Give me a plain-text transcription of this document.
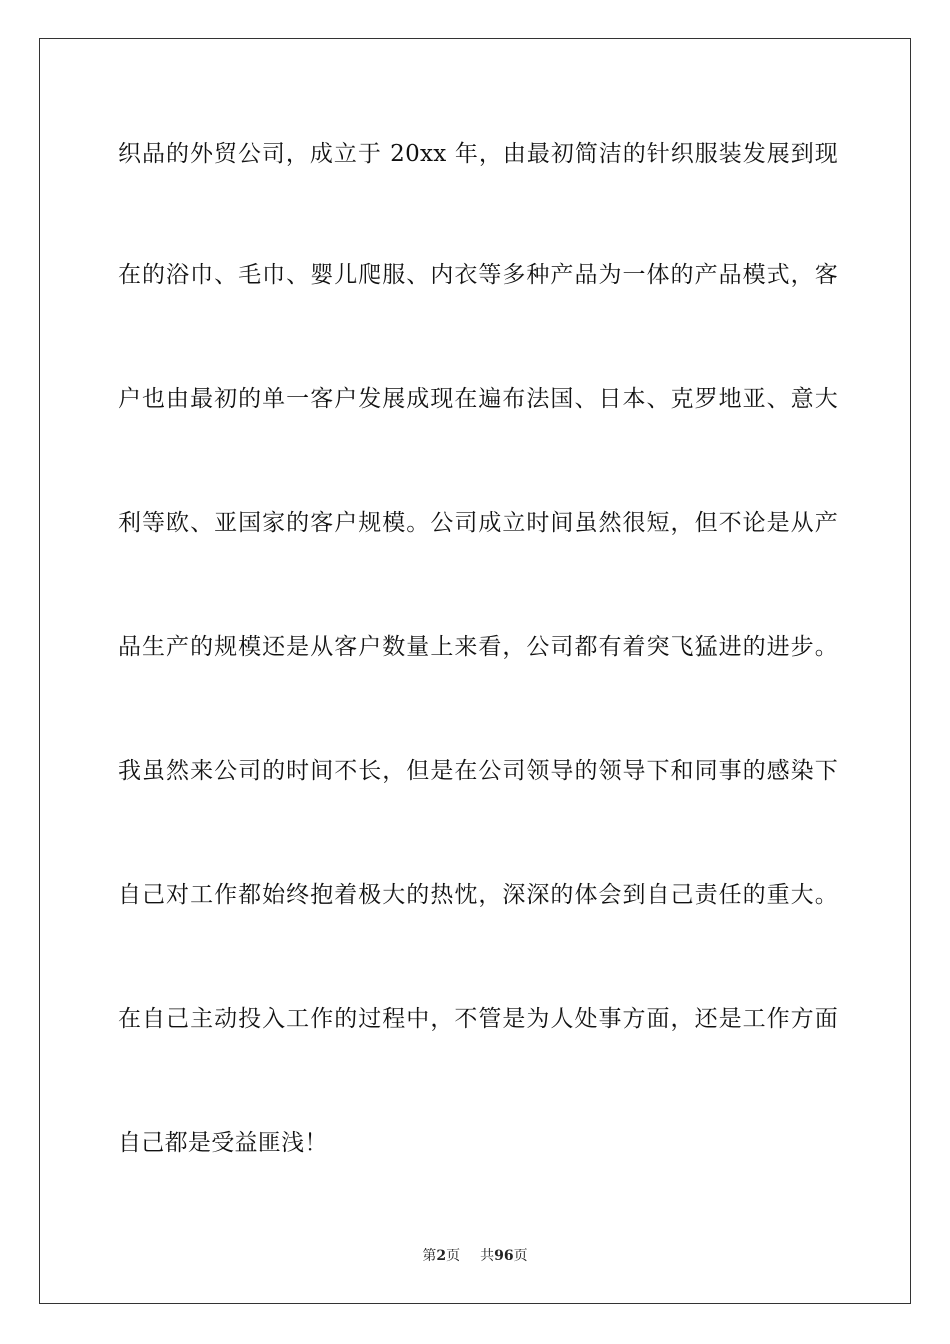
织品的外贸公司，成立于 20xx 年，由最初简洁的针织服装发展到现
在的浴巾、毛巾、婴儿爬服、内衣等多种产品为一体的产品模式，客
户也由最初的单一客户发展成现在遍布法国、日本、克罗地亚、意大
利等欧、亚国家的客户规模。公司成立时间虽然很短，但不论是从产
品生产的规模还是从客户数量上来看，公司都有着突飞猛进的进步。
我虽然来公司的时间不长，但是在公司领导的领导下和同事的感染下
自己对工作都始终抱着极大的热忱，深深的体会到自己责任的重大。
在自己主动投入工作的过程中，不管是为人处事方面，还是工作方面
自己都是受益匪浅！
第2页 共96页
